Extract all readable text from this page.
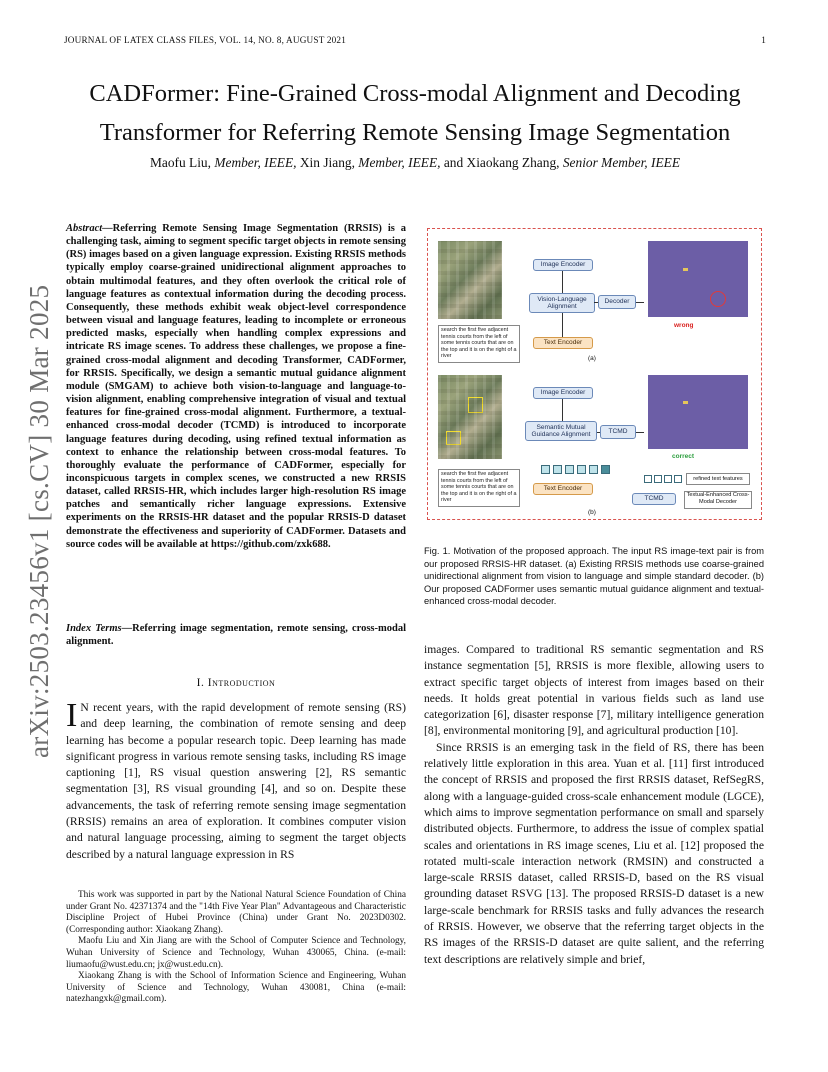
JOURNAL OF LATEX CLASS FILES, VOL. 14, NO. 8, AUGUST 2021	1
arXiv:2503.23456v1 [cs.CV] 30 Mar 2025
CADFormer: Fine-Grained Cross-modal Alignment and Decoding
Transformer for Referring Remote Sensing Image Segmentation
Maofu Liu, Member, IEEE, Xin Jiang, Member, IEEE, and Xiaokang Zhang, Senior Member, IEEE
Abstract—Referring Remote Sensing Image Segmentation (RRSIS) is a challenging task, aiming to segment specific target objects in remote sensing (RS) images based on a given language expression. Existing RRSIS methods typically employ coarse-grained unidirectional alignment approaches to obtain multimodal features, and they often overlook the critical role of language features as contextual information during the decoding process. Consequently, these methods exhibit weak object-level correspondence between visual and language features, leading to incomplete or erroneous predicted masks, especially when handling complex expressions and intricate RS image scenes. To address these challenges, we propose a fine-grained cross-modal alignment and decoding Transformer, CADFormer, for RRSIS. Specifically, we design a semantic mutual guidance alignment module (SMGAM) to achieve both vision-to-language and language-to-vision alignment, enabling comprehensive integration of visual and textual features for fine-grained cross-modal alignment. Furthermore, a textual-enhanced cross-modal decoder (TCMD) is introduced to incorporate language features during decoding, using refined textual information as context to enhance the relationship between cross-modal features. To thoroughly evaluate the performance of CADFormer, especially for inconspicuous targets in complex scenes, we constructed a new RRSIS dataset, called RRSIS-HR, which includes larger high-resolution RS image patches and semantically richer language expressions. Extensive experiments on the RRSIS-HR dataset and the popular RRSIS-D dataset demonstrate the effectiveness and superiority of CADFormer. Datasets and source codes will be available at https://github.com/zxk688.
Index Terms—Referring image segmentation, remote sensing, cross-modal alignment.
I. Introduction
I N recent years, with the rapid development of remote sensing (RS) and deep learning, the combination of remote sensing and deep learning has become a popular research topic. Deep learning has made significant progress in various remote sensing tasks, including RS image captioning [1], RS visual question answering [2], RS semantic segmentation [3], RS visual grounding [4], and so on. Despite these advancements, the task of referring remote sensing image segmentation (RRSIS) remains an area of exploration. It combines computer vision and natural language processing, aiming to segment the target objects described by a natural language expression in RS

This work was supported in part by the National Natural Science Foundation of China under Grant No. 42371374 and the "14th Five Year Plan" Advantageous and Characteristic Discipline Project of Hubei Province (China) under Grant No. 2023D0302. (Corresponding author: Xiaokang Zhang).

Maofu Liu and Xin Jiang are with the School of Computer Science and Technology, Wuhan University of Science and Technology, Wuhan 430065, China. (e-mail: liumaofu@wust.edu.cn; jx@wust.edu.cn).

Xiaokang Zhang is with the School of Information Science and Engineering, Wuhan University of Science and Technology, Wuhan 430081, China (e-mail: natezhangxk@gmail.com).

Image Encoder
Vision-Language Alignment
Decoder
Text Encoder
search the first five adjacent tennis courts from the left of some tennis courts that are on the top and it is on the right of a river
wrong
(a)
Image Encoder
Semantic Mutual Guidance Alignment	TCMD
Text Encoder
search the first five adjacent tennis courts from the left of some tennis courts that are on the top and it is on the right of a river
correct
refined text features
TCMD
Textual-Enhanced Cross-Modal Decoder
(b)
Fig. 1. Motivation of the proposed approach. The input RS image-text pair is from our proposed RRSIS-HR dataset. (a) Existing RRSIS methods use coarse-grained unidirectional alignment from vision to language and simple standard decoder. (b) Our proposed CADFormer uses semantic mutual guidance alignment and textual-enhanced cross-modal decoder.

images. Compared to traditional RS semantic segmentation and RS instance segmentation [5], RRSIS is more flexible, allowing users to extract specific target objects of interest from images based on their needs. It holds great potential in various fields such as land use categorization [6], disaster response [7], military intelligence generation [8], environmental monitoring [9], and agricultural production [10].

Since RRSIS is an emerging task in the field of RS, there has been relatively little exploration in this area. Yuan et al. [11] first introduced the concept of RRSIS and proposed the first RRSIS dataset, RefSegRS, along with a language-guided cross-scale enhancement module (LGCE), which aims to improve segmentation performance on small and sparsely distributed objects. Furthermore, to address the issue of complex spatial scales and orientations in RS image scenes, Liu et al. [12] proposed the rotated multi-scale interaction network (RMSIN) and constructed a large-scale RRSIS dataset, called RRSIS-D, based on the RS visual grounding dataset RSVG [13]. The proposed RRSIS-D dataset is a new large-scale benchmark for RRSIS tasks and fully advances the research of RRSIS. However, we observe that the referring target objects in the RS images of the RRSIS-D dataset are quite salient, and the referring text descriptions are relatively simple and brief,
